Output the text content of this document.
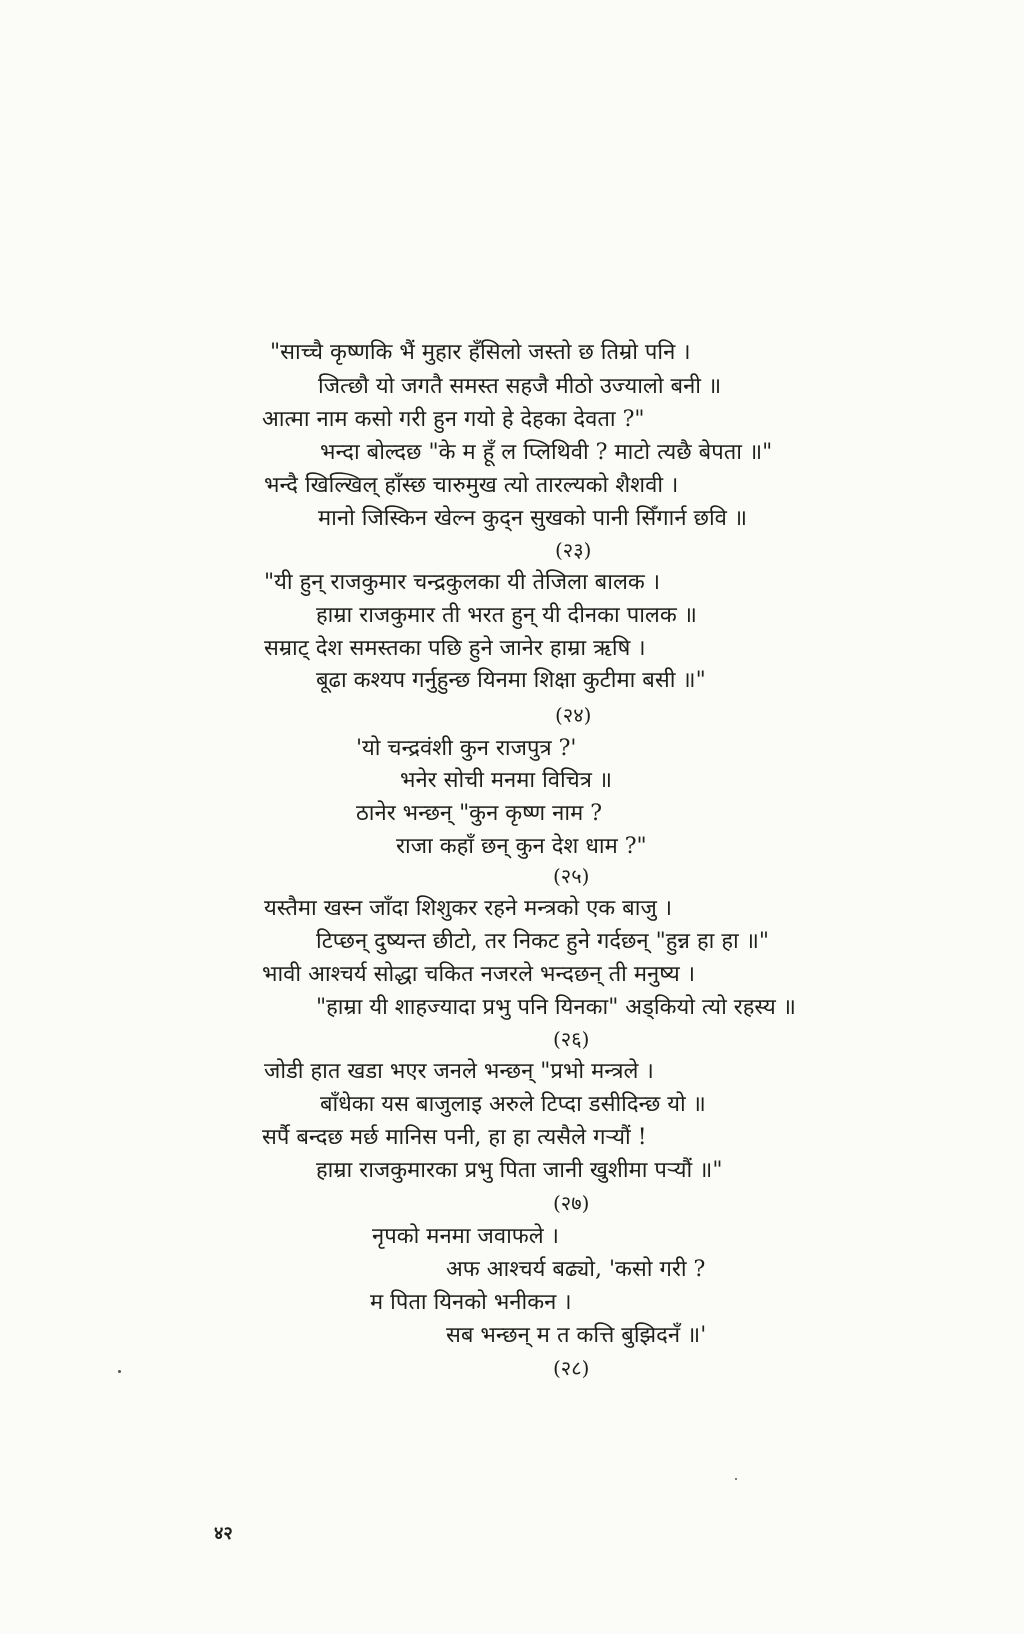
"साच्चै कृष्णकि भैं मुहार हँसिलो जस्तो छ तिम्रो पनि ।
जित्छौ यो जगतै समस्त सहजै मीठो उज्यालो बनी ॥
आत्मा नाम कसो गरी हुन गयो हे देहका देवता ?"
भन्दा बोल्दछ "के म हूँ ल प्लिथिवी ? माटो त्यछै बेपता ॥"
भन्दै खिल्खिल् हाँस्छ चारुमुख त्यो तारल्यको शैशवी ।
मानो जिस्किन खेल्न कुद्न सुखको पानी सिँगार्न छवि ॥
(२३)
"यी हुन् राजकुमार चन्द्रकुलका यी तेजिला बालक ।
हाम्रा राजकुमार ती भरत हुन् यी दीनका पालक ॥
सम्राट् देश समस्तका पछि हुने जानेर हाम्रा ऋषि ।
बूढा कश्यप गर्नुहुन्छ यिनमा शिक्षा कुटीमा बसी ॥"
(२४)
'यो चन्द्रवंशी कुन राजपुत्र ?'
भनेर सोची मनमा विचित्र ॥
ठानेर भन्छन् "कुन कृष्ण नाम ?
राजा कहाँ छन् कुन देश धाम ?"
(२५)
यस्तैमा खस्न जाँदा शिशुकर रहने मन्त्रको एक बाजु ।
टिप्छन् दुष्यन्त छीटो, तर निकट हुने गर्दछन् "हुन्न हा हा ॥"
भावी आश्चर्य सोद्धा चकित नजरले भन्दछन् ती मनुष्य ।
"हाम्रा यी शाहज्यादा प्रभु पनि यिनका" अड्कियो त्यो रहस्य ॥
(२६)
जोडी हात खडा भएर जनले भन्छन् "प्रभो मन्त्रले ।
बाँधेका यस बाजुलाइ अरुले टिप्दा डसीदिन्छ यो ॥
सर्पै बन्दछ मर्छ मानिस पनी, हा हा त्यसैले गऱ्यौं !
हाम्रा राजकुमारका प्रभु पिता जानी खुशीमा पऱ्यौं ॥"
(२७)
नृपको मनमा जवाफले ।
अफ आश्चर्य बढ्यो, 'कसो गरी ?
म पिता यिनको भनीकन ।
सब भन्छन् म त कत्ति बुझिदनँ ॥'
(२८)
४२
